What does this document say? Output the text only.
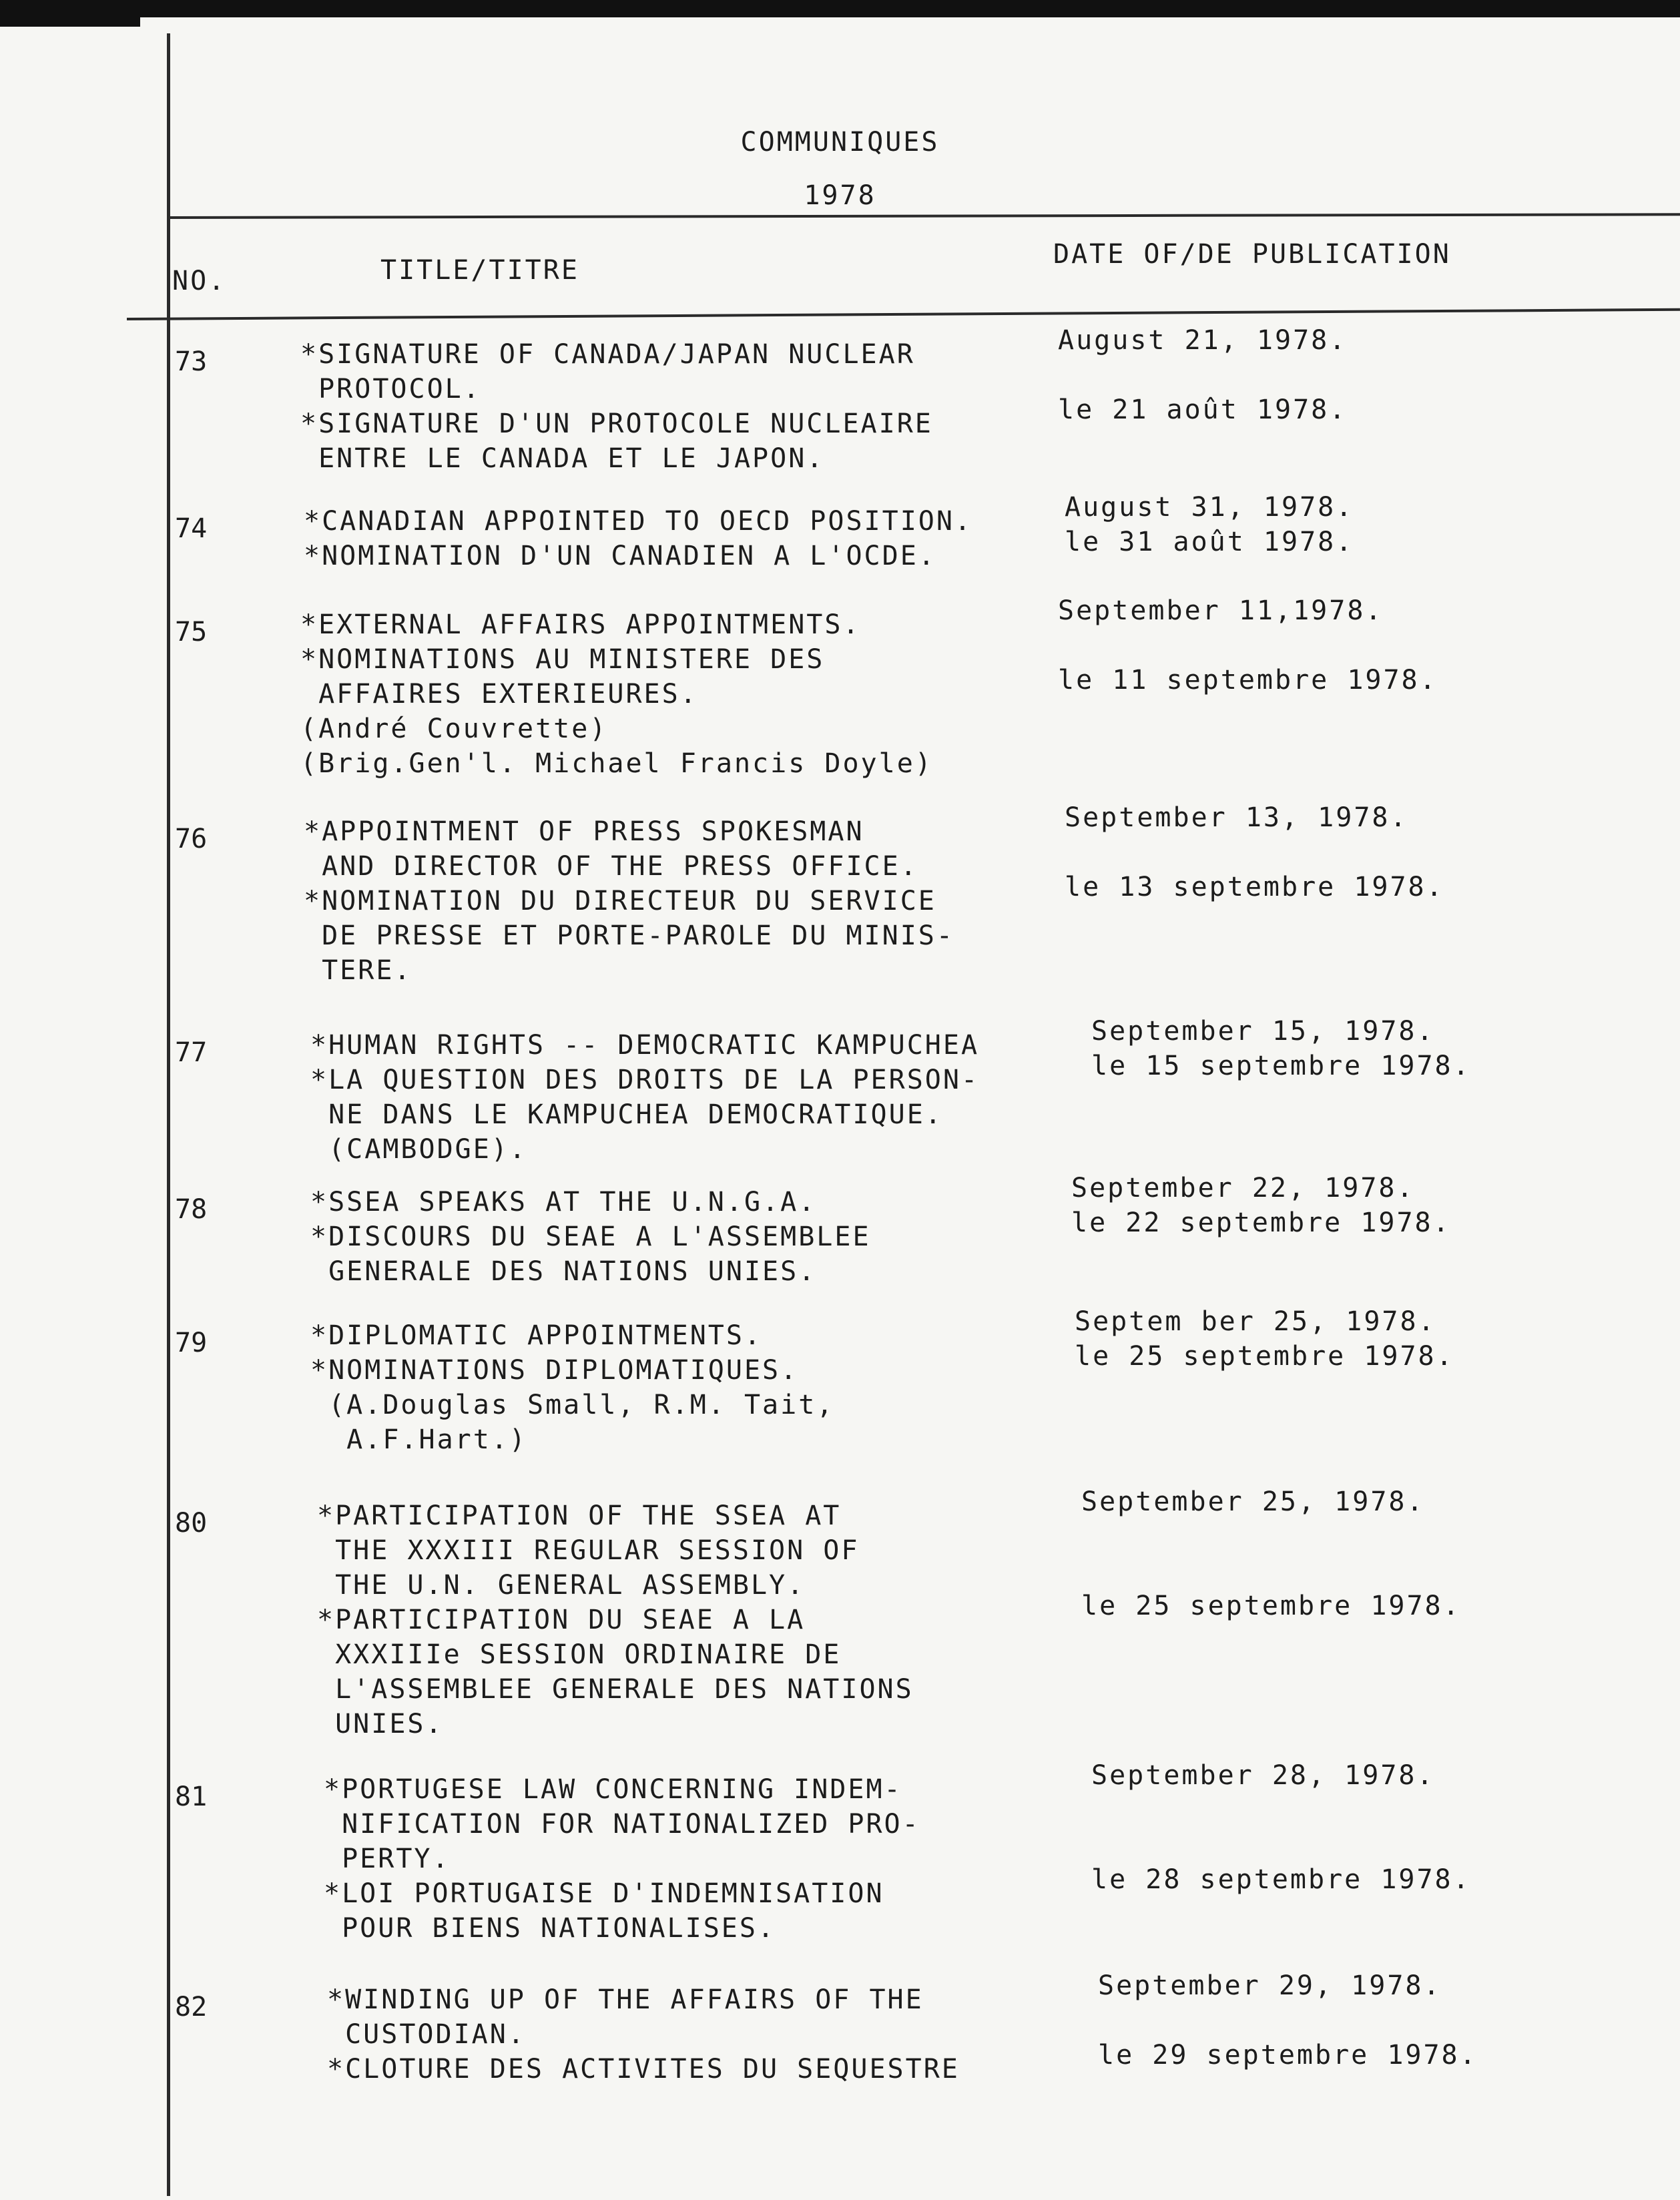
COMMUNIQUES
1978
NO.	TITLE/TITRE
DATE OF/DE PUBLICATION
73	*SIGNATURE OF CANADA/JAPAN NUCLEAR
PROTOCOL.
*SIGNATURE D'UN PROTOCOLE NUCLEAIRE
ENTRE LE CANADA ET LE JAPON.
August 21, 1978.
le 21 août 1978.
74	*CANADIAN APPOINTED TO OECD POSITION.
*NOMINATION D'UN CANADIEN A L'OCDE.
August 31, 1978.
le 31 août 1978.
75	*EXTERNAL AFFAIRS APPOINTMENTS.
*NOMINATIONS AU MINISTERE DES
AFFAIRES EXTERIEURES.
(André Couvrette)
(Brig.Gen'l. Michael Francis Doyle)
September 11,1978.
le 11 septembre 1978.
76	*APPOINTMENT OF PRESS SPOKESMAN
AND DIRECTOR OF THE PRESS OFFICE.
*NOMINATION DU DIRECTEUR DU SERVICE
DE PRESSE ET PORTE-PAROLE DU MINIS-
TERE.
September 13, 1978.
le 13 septembre 1978.
77	*HUMAN RIGHTS -- DEMOCRATIC KAMPUCHEA
*LA QUESTION DES DROITS DE LA PERSON-
NE DANS LE KAMPUCHEA DEMOCRATIQUE.
(CAMBODGE).
September 15, 1978.
le 15 septembre 1978.
78	*SSEA SPEAKS AT THE U.N.G.A.
*DISCOURS DU SEAE A L'ASSEMBLEE
GENERALE DES NATIONS UNIES.
September 22, 1978.
le 22 septembre 1978.
79	*DIPLOMATIC APPOINTMENTS.
*NOMINATIONS DIPLOMATIQUES.
(A.Douglas Small, R.M. Tait,
A.F.Hart.)
Septem ber 25, 1978.
le 25 septembre 1978.
80	*PARTICIPATION OF THE SSEA AT
THE XXXIII REGULAR SESSION OF
THE U.N. GENERAL ASSEMBLY.
*PARTICIPATION DU SEAE A LA
XXXIIIe SESSION ORDINAIRE DE
L'ASSEMBLEE GENERALE DES NATIONS
UNIES.
September 25, 1978.
le 25 septembre 1978.
81	*PORTUGESE LAW CONCERNING INDEM-
NIFICATION FOR NATIONALIZED PRO-
PERTY.
*LOI PORTUGAISE D'INDEMNISATION
POUR BIENS NATIONALISES.
September 28, 1978.
le 28 septembre 1978.
82	*WINDING UP OF THE AFFAIRS OF THE
CUSTODIAN.
*CLOTURE DES ACTIVITES DU SEQUESTRE
September 29, 1978.
le 29 septembre 1978.
